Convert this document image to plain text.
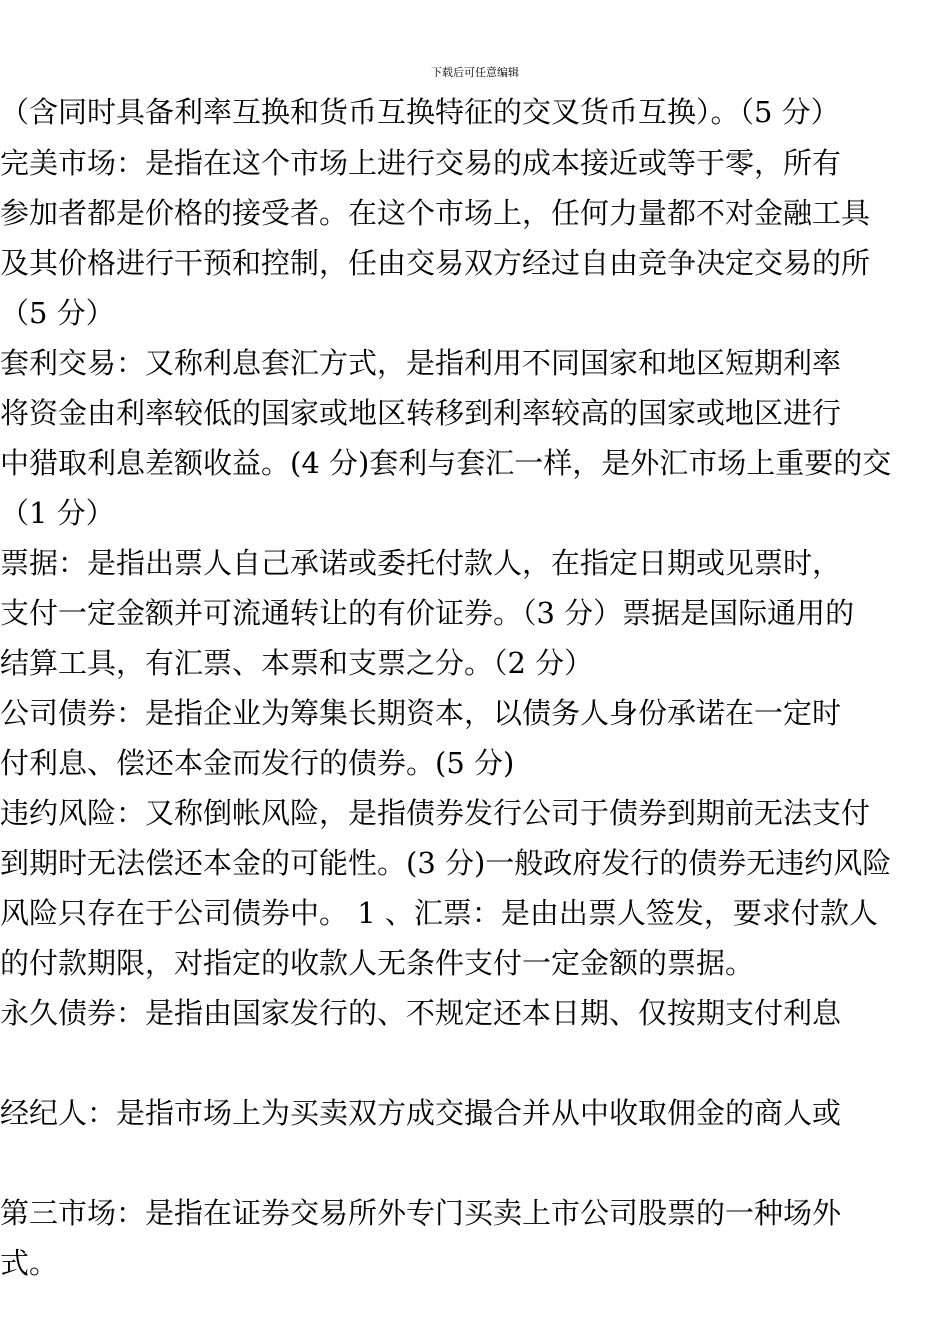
下载后可任意编辑
（含同时具备利率互换和货币互换特征的交叉货币互换）。（5 分）
完美市场：是指在这个市场上进行交易的成本接近或等于零，所有
参加者都是价格的接受者。在这个市场上，任何力量都不对金融工具
及其价格进行干预和控制，任由交易双方经过自由竞争决定交易的所
（5 分）
套利交易：又称利息套汇方式，是指利用不同国家和地区短期利率
将资金由利率较低的国家或地区转移到利率较高的国家或地区进行
中猎取利息差额收益。(4 分)套利与套汇一样，是外汇市场上重要的交
（1 分）
票据：是指出票人自己承诺或委托付款人，在指定日期或见票时，
支付一定金额并可流通转让的有价证券。（3 分）票据是国际通用的
结算工具，有汇票、本票和支票之分。（2 分）
公司债券：是指企业为筹集长期资本，以债务人身份承诺在一定时
付利息、偿还本金而发行的债券。(5 分)
违约风险：又称倒帐风险，是指债券发行公司于债券到期前无法支付
到期时无法偿还本金的可能性。(3 分)一般政府发行的债券无违约风险
风险只存在于公司债券中。 1 、汇票：是由出票人签发，要求付款人
的付款期限，对指定的收款人无条件支付一定金额的票据。
永久债券：是指由国家发行的、不规定还本日期、仅按期支付利息
经纪人：是指市场上为买卖双方成交撮合并从中收取佣金的商人或
第三市场：是指在证券交易所外专门买卖上市公司股票的一种场外
式。
